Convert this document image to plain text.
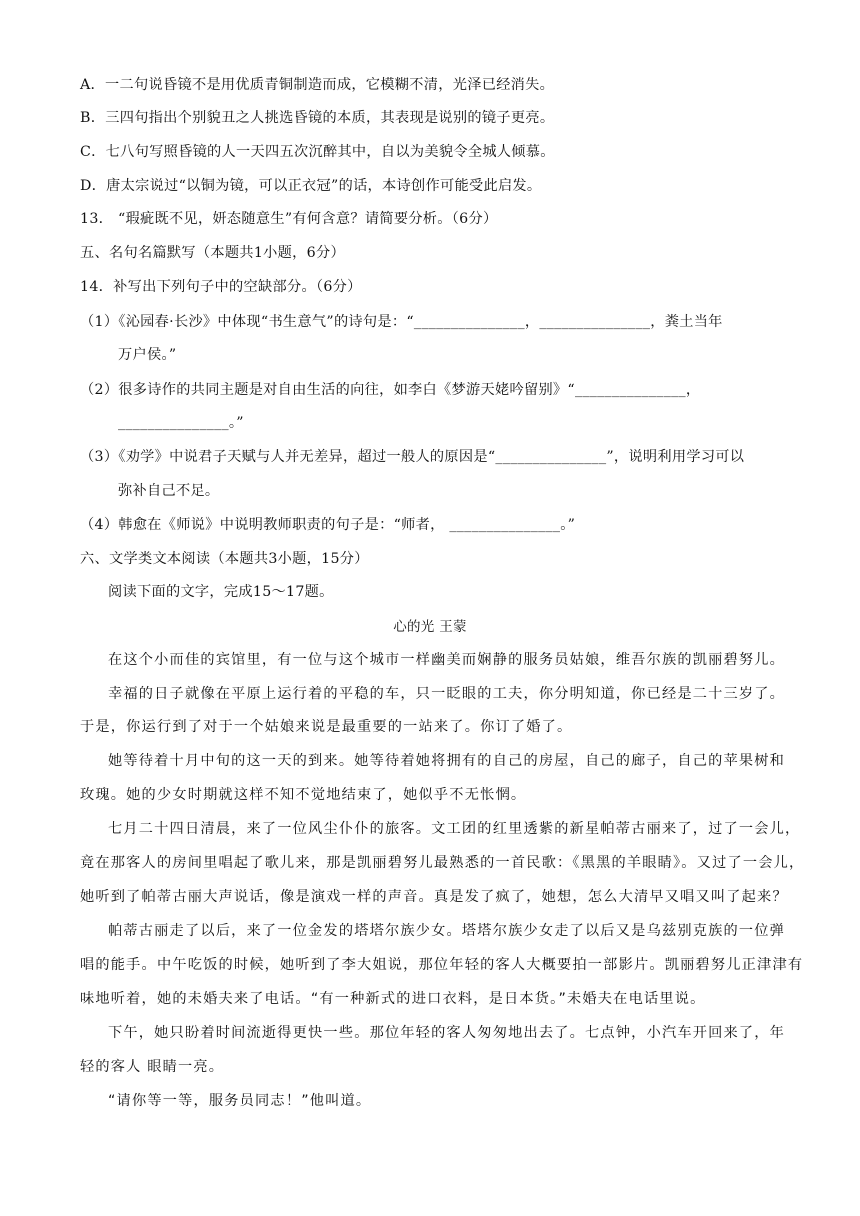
A．一二句说昏镜不是用优质青铜制造而成，它模糊不清，光泽已经消失。
B．三四句指出个别貌丑之人挑选昏镜的本质，其表现是说别的镜子更亮。
C．七八句写照昏镜的人一天四五次沉醉其中，自以为美貌令全城人倾慕。
D．唐太宗说过“以铜为镜，可以正衣冠”的话，本诗创作可能受此启发。
13． “瑕疵既不见，妍态随意生”有何含意？请简要分析。（6分）
五、名句名篇默写（本题共1小题，6分）
14．补写出下列句子中的空缺部分。（6分）
（1）《沁园春·长沙》中体现“书生意气”的诗句是：“_______________，_______________，粪土当年
万户侯。”
（2）很多诗作的共同主题是对自由生活的向往，如李白《梦游天姥吟留别》“_______________，
_______________。”
（3）《劝学》中说君子天赋与人并无差异，超过一般人的原因是“_______________”，说明利用学习可以
弥补自己不足。
（4）韩愈在《师说》中说明教师职责的句子是：“师者， _______________。”
六、文学类文本阅读（本题共3小题，15分）
阅读下面的文字，完成15～17题。
心的光 王蒙
在这个小而佳的宾馆里，有一位与这个城市一样幽美而娴静的服务员姑娘，维吾尔族的凯丽碧努儿。
幸福的日子就像在平原上运行着的平稳的车，只一眨眼的工夫，你分明知道，你已经是二十三岁了。
于是，你运行到了对于一个姑娘来说是最重要的一站来了。你订了婚了。
她等待着十月中旬的这一天的到来。她等待着她将拥有的自己的房屋，自己的廊子，自己的苹果树和
玫瑰。她的少女时期就这样不知不觉地结束了，她似乎不无怅惘。
七月二十四日清晨，来了一位风尘仆仆的旅客。文工团的红里透紫的新星帕蒂古丽来了，过了一会儿，
竟在那客人的房间里唱起了歌儿来，那是凯丽碧努儿最熟悉的一首民歌：《黑黑的羊眼睛》。又过了一会儿，
她听到了帕蒂古丽大声说话，像是演戏一样的声音。真是发了疯了，她想，怎么大清早又唱又叫了起来？
帕蒂古丽走了以后，来了一位金发的塔塔尔族少女。塔塔尔族少女走了以后又是乌兹别克族的一位弹
唱的能手。中午吃饭的时候，她听到了李大姐说，那位年轻的客人大概要拍一部影片。凯丽碧努儿正津津有
味地听着，她的未婚夫来了电话。“有一种新式的进口衣料，是日本货。”未婚夫在电话里说。
下午，她只盼着时间流逝得更快一些。那位年轻的客人匆匆地出去了。七点钟，小汽车开回来了，年
轻的客人 眼睛一亮。
“请你等一等，服务员同志！”他叫道。
